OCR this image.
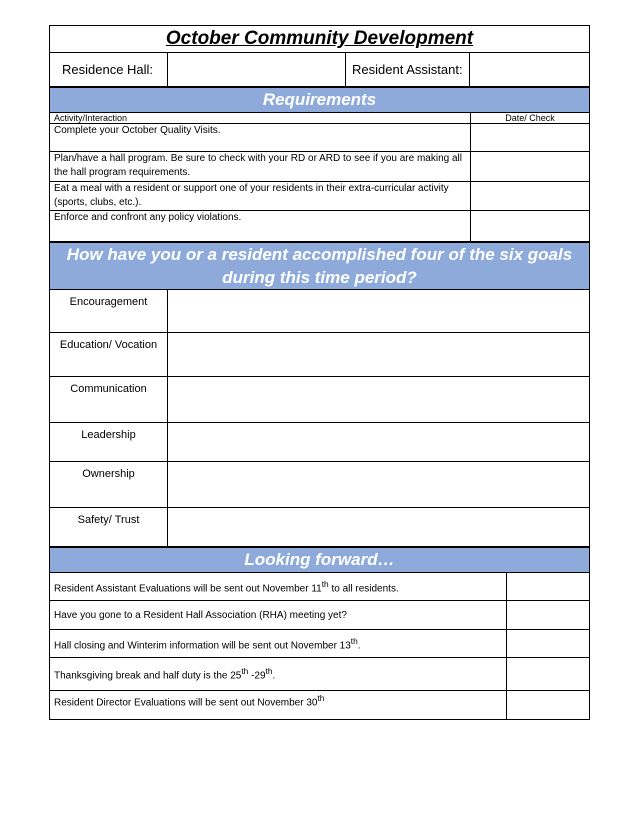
October Community Development
Residence Hall:		Resident Assistant:	
Requirements	
Activity/Interaction	Date/ Check
Complete your October Quality Visits.	
Plan/have a hall program. Be sure to check with your RD or ARD to see if you are making all the hall program requirements.	
Eat a meal with a resident or support one of your residents in their extra-curricular activity (sports, clubs, etc.).	
Enforce and confront any policy violations.	
How have you or a resident accomplished four of the six goals during this time period?	
Encouragement	
Education/ Vocation	
Communication	
Leadership	
Ownership	
Safety/ Trust	
Looking forward…	
Resident Assistant Evaluations will be sent out November 11th to all residents.	
Have you gone to a Resident Hall Association (RHA) meeting yet?	
Hall closing and Winterim information will be sent out November 13th.	
Thanksgiving break and half duty is the 25th -29th.	
Resident Director Evaluations will be sent out November 30th	
